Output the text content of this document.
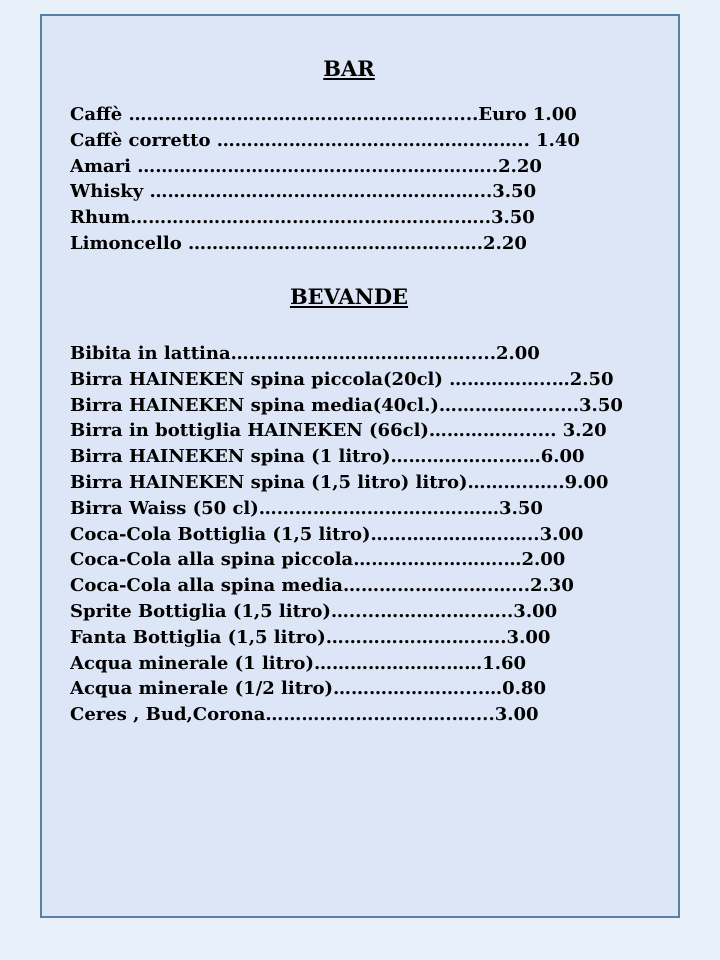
BAR
Caffè …………………………………………….......Euro 1.00
Caffè corretto ……………………………………..…….. 1.40
Amari ……………………………………………….…..2.20
Whisky ………………………………………………...3.50
Rhum……………………………………………….…..3.50
Limoncello ……………………………………...….2.20
BEVANDE
Bibita in lattina………………………………….....2.00
Birra HAINEKEN spina piccola(20cl) ……………..…2.50
Birra HAINEKEN spina media(40cl.)……………........3.50
Birra in bottiglia HAINEKEN (66cl)……………...... 3.20
Birra HAINEKEN spina (1 litro)……………….……6.00
Birra HAINEKEN spina (1,5 litro) litro)………..…..9.00
Birra Waiss (50 cl)…………………………….……3.50
Coca-Cola Bottiglia (1,5 litro)…………………..…..3.00
Coca-Cola alla spina piccola…………………….…2.00
Coca-Cola alla spina media…………………….…...2.30
Sprite Bottiglia (1,5 litro)….....……………..…..3.00
Fanta Bottiglia (1,5 litro)……………………..….3.00
Acqua minerale (1 litro)………………….……1.60
Acqua minerale (1/2 litro)…………………....…0.80
Ceres , Bud,Corona………………………….…....3.00
